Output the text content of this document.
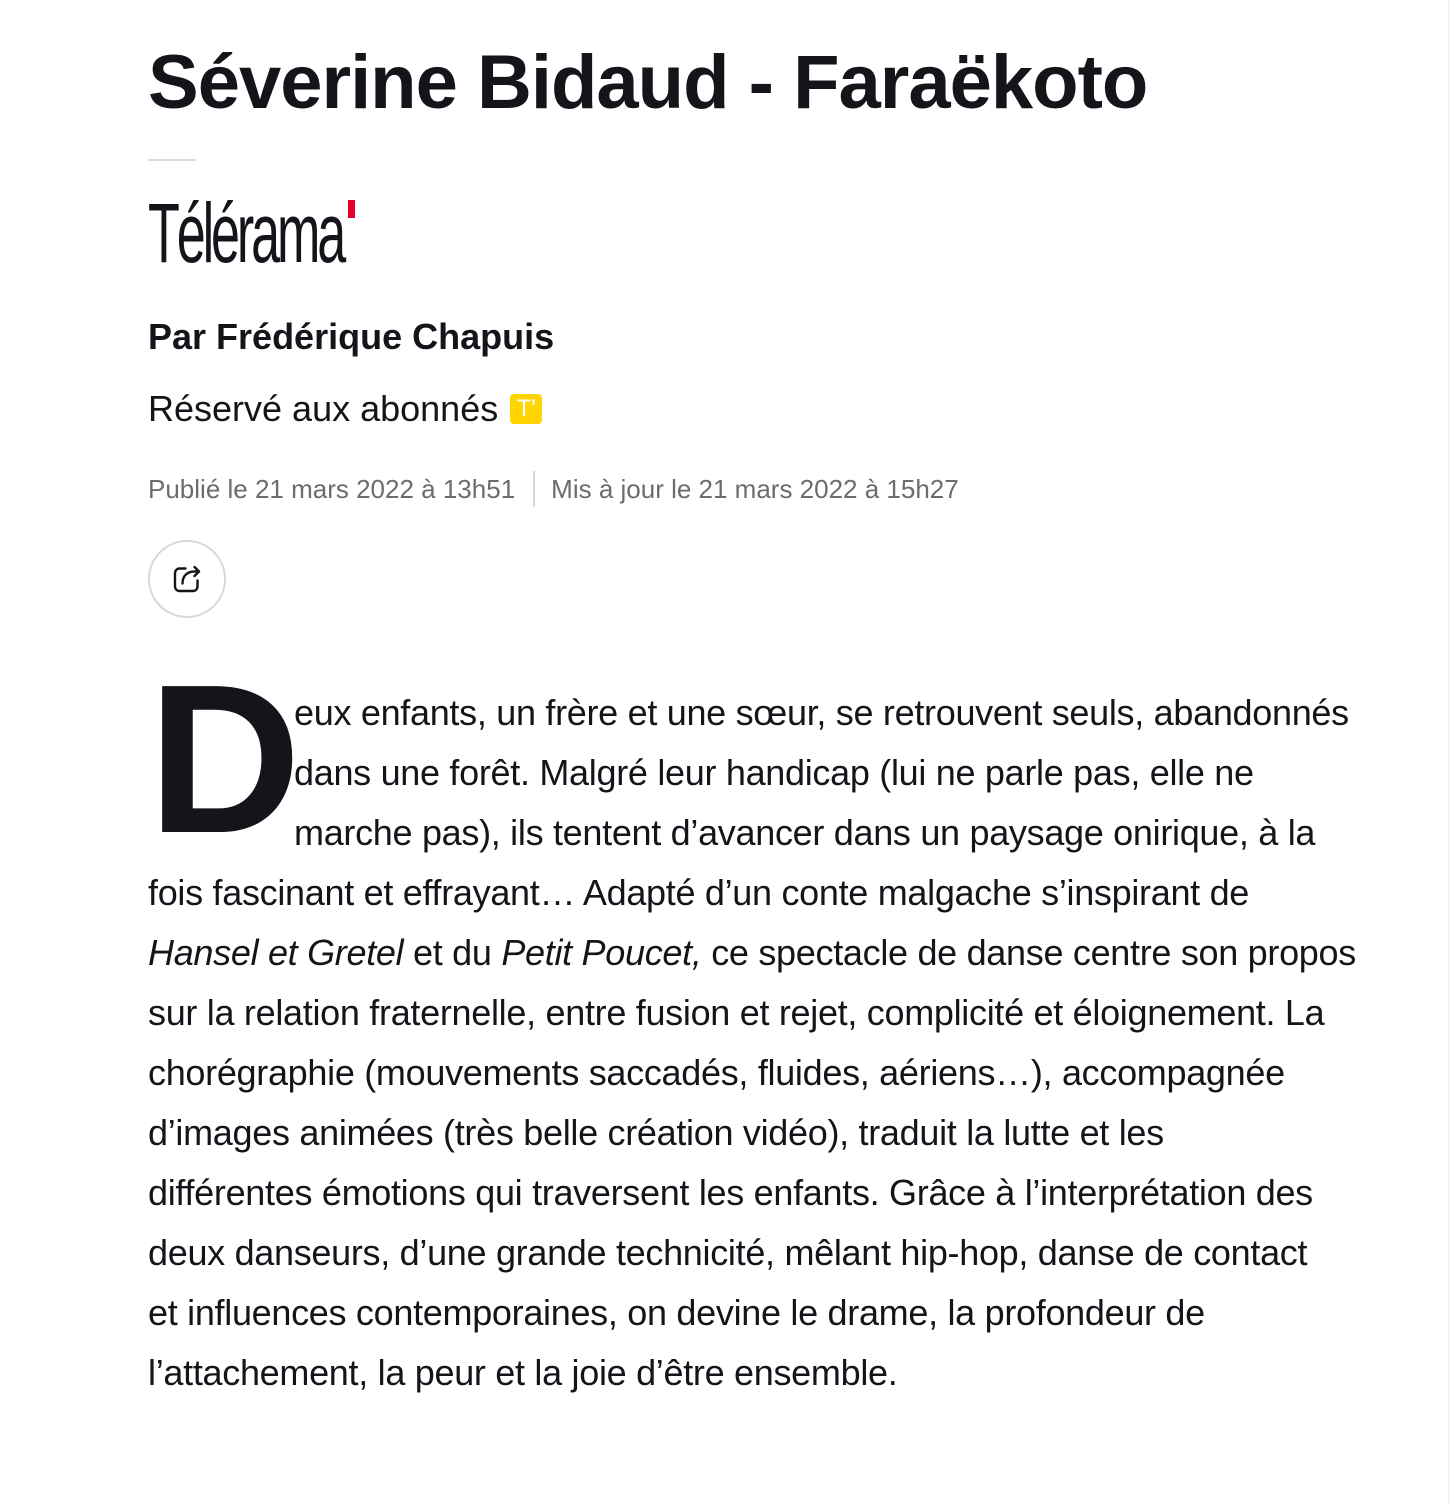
Séverine Bidaud - Faraëkoto
Télérama
Par Frédérique Chapuis
Réservé aux abonnés T'
Publié le 21 mars 2022 à 13h51 Mis à jour le 21 mars 2022 à 15h27
D
eux enfants, un frère et une sœur, se retrouvent seuls, abandonnés
dans une forêt. Malgré leur handicap (lui ne parle pas, elle ne
marche pas), ils tentent d’avancer dans un paysage onirique, à la
fois fascinant et effrayant… Adapté d’un conte malgache s’inspirant de
Hansel et Gretel et du Petit Poucet, ce spectacle de danse centre son propos
sur la relation fraternelle, entre fusion et rejet, complicité et éloignement. La
chorégraphie (mouvements saccadés, fluides, aériens…), accompagnée
d’images animées (très belle création vidéo), traduit la lutte et les
différentes émotions qui traversent les enfants. Grâce à l’interprétation des
deux danseurs, d’une grande technicité, mêlant hip-hop, danse de contact
et influences contemporaines, on devine le drame, la profondeur de
l’attachement, la peur et la joie d’être ensemble.
